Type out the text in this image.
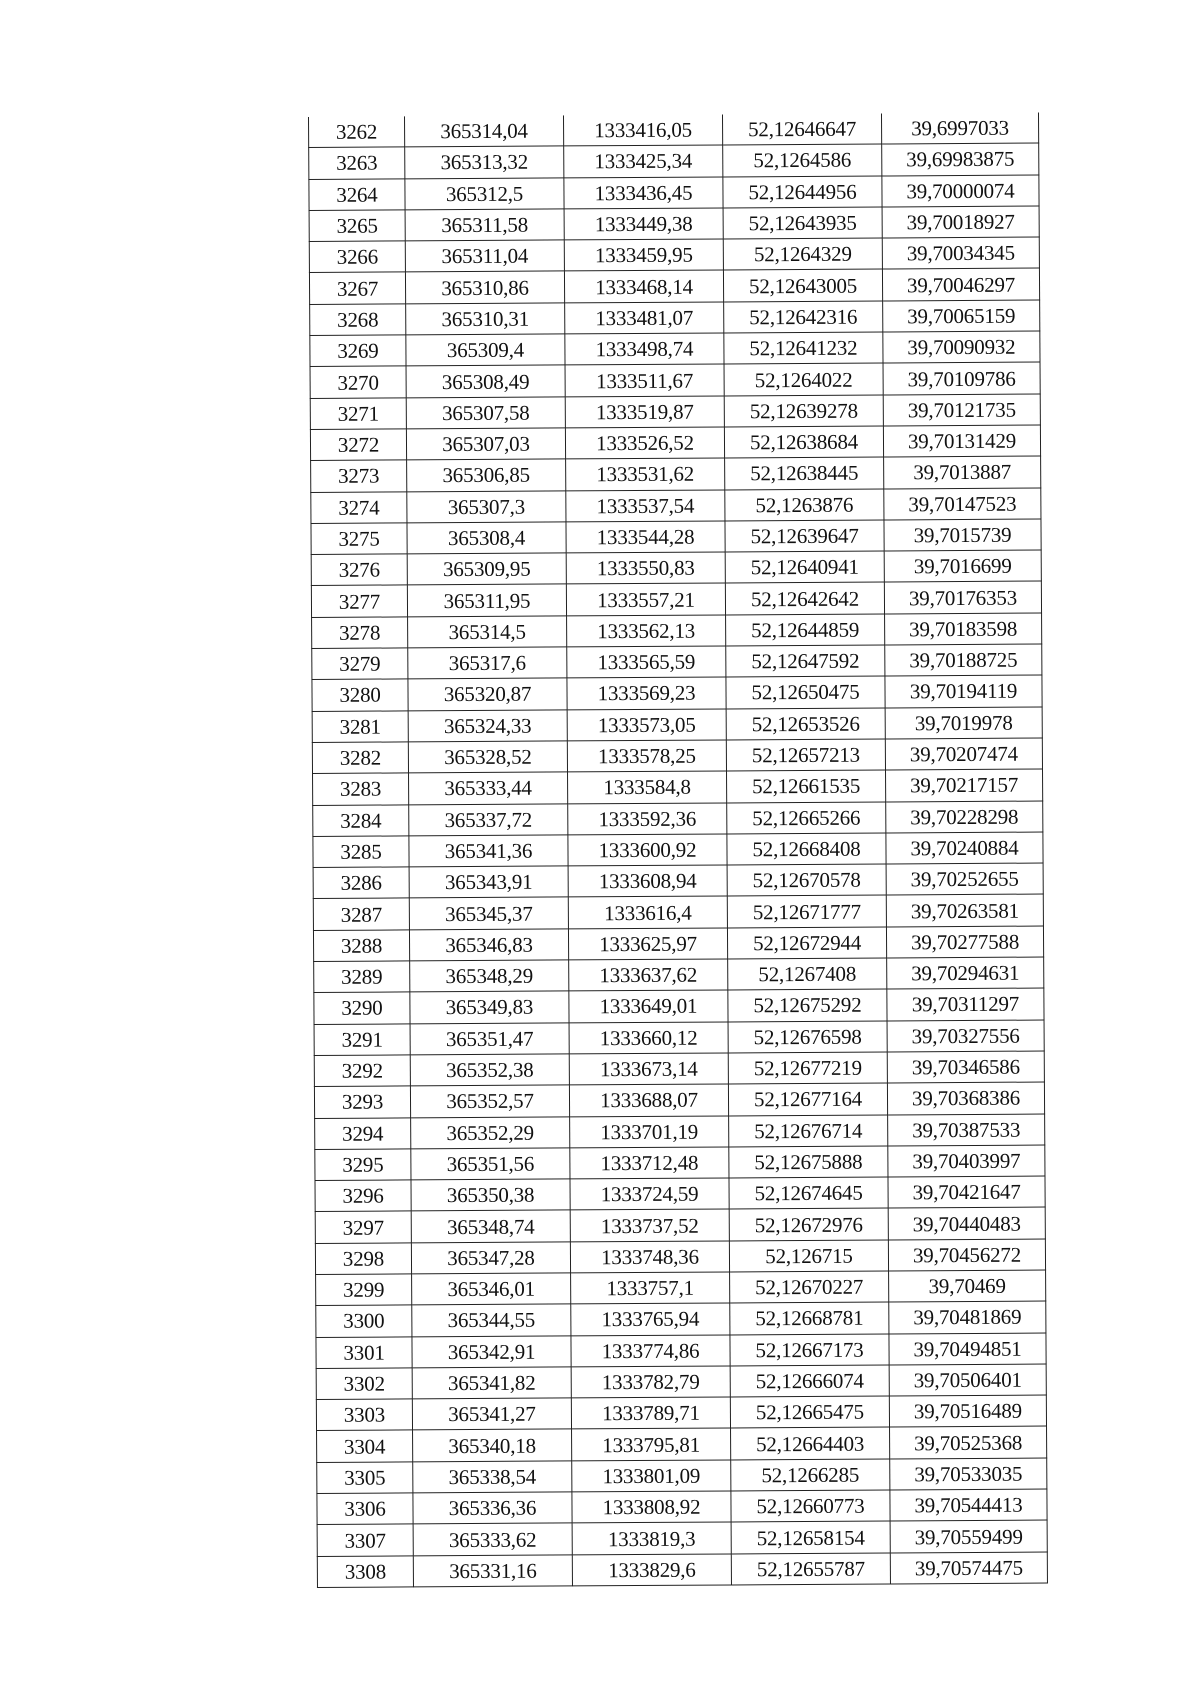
3262	365314,04	1333416,05	52,12646647	39,6997033
3263	365313,32	1333425,34	52,1264586	39,69983875
3264	365312,5	1333436,45	52,12644956	39,70000074
3265	365311,58	1333449,38	52,12643935	39,70018927
3266	365311,04	1333459,95	52,1264329	39,70034345
3267	365310,86	1333468,14	52,12643005	39,70046297
3268	365310,31	1333481,07	52,12642316	39,70065159
3269	365309,4	1333498,74	52,12641232	39,70090932
3270	365308,49	1333511,67	52,1264022	39,70109786
3271	365307,58	1333519,87	52,12639278	39,70121735
3272	365307,03	1333526,52	52,12638684	39,70131429
3273	365306,85	1333531,62	52,12638445	39,7013887
3274	365307,3	1333537,54	52,1263876	39,70147523
3275	365308,4	1333544,28	52,12639647	39,7015739
3276	365309,95	1333550,83	52,12640941	39,7016699
3277	365311,95	1333557,21	52,12642642	39,70176353
3278	365314,5	1333562,13	52,12644859	39,70183598
3279	365317,6	1333565,59	52,12647592	39,70188725
3280	365320,87	1333569,23	52,12650475	39,70194119
3281	365324,33	1333573,05	52,12653526	39,7019978
3282	365328,52	1333578,25	52,12657213	39,70207474
3283	365333,44	1333584,8	52,12661535	39,70217157
3284	365337,72	1333592,36	52,12665266	39,70228298
3285	365341,36	1333600,92	52,12668408	39,70240884
3286	365343,91	1333608,94	52,12670578	39,70252655
3287	365345,37	1333616,4	52,12671777	39,70263581
3288	365346,83	1333625,97	52,12672944	39,70277588
3289	365348,29	1333637,62	52,1267408	39,70294631
3290	365349,83	1333649,01	52,12675292	39,70311297
3291	365351,47	1333660,12	52,12676598	39,70327556
3292	365352,38	1333673,14	52,12677219	39,70346586
3293	365352,57	1333688,07	52,12677164	39,70368386
3294	365352,29	1333701,19	52,12676714	39,70387533
3295	365351,56	1333712,48	52,12675888	39,70403997
3296	365350,38	1333724,59	52,12674645	39,70421647
3297	365348,74	1333737,52	52,12672976	39,70440483
3298	365347,28	1333748,36	52,126715	39,70456272
3299	365346,01	1333757,1	52,12670227	39,70469
3300	365344,55	1333765,94	52,12668781	39,70481869
3301	365342,91	1333774,86	52,12667173	39,70494851
3302	365341,82	1333782,79	52,12666074	39,70506401
3303	365341,27	1333789,71	52,12665475	39,70516489
3304	365340,18	1333795,81	52,12664403	39,70525368
3305	365338,54	1333801,09	52,1266285	39,70533035
3306	365336,36	1333808,92	52,12660773	39,70544413
3307	365333,62	1333819,3	52,12658154	39,70559499
3308	365331,16	1333829,6	52,12655787	39,70574475
